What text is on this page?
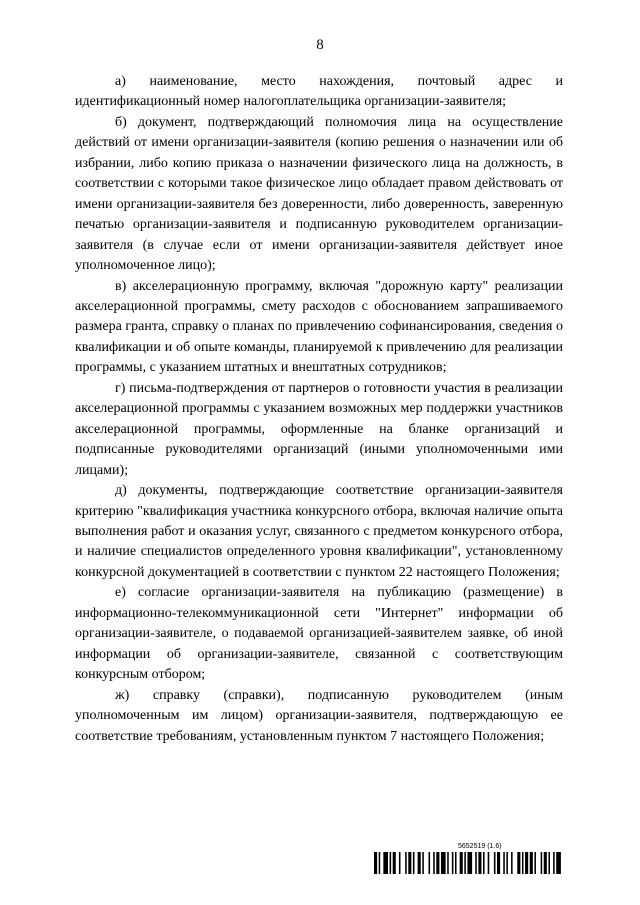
8

а) наименование, место нахождения, почтовый адрес и идентификационный номер налогоплательщика организации-заявителя;

б) документ, подтверждающий полномочия лица на осуществление действий от имени организации-заявителя (копию решения о назначении или об избрании, либо копию приказа о назначении физического лица на должность, в соответствии с которыми такое физическое лицо обладает правом действовать от имени организации-заявителя без доверенности, либо доверенность, заверенную печатью организации-заявителя и подписанную руководителем организации-заявителя (в случае если от имени организации-заявителя действует иное уполномоченное лицо);

в) акселерационную программу, включая "дорожную карту" реализации акселерационной программы, смету расходов с обоснованием запрашиваемого размера гранта, справку о планах по привлечению софинансирования, сведения о квалификации и об опыте команды, планируемой к привлечению для реализации программы, с указанием штатных и внештатных сотрудников;

г) письма-подтверждения от партнеров о готовности участия в реализации акселерационной программы с указанием возможных мер поддержки участников акселерационной программы, оформленные на бланке организаций и подписанные руководителями организаций (иными уполномоченными ими лицами);

д) документы, подтверждающие соответствие организации-заявителя критерию "квалификация участника конкурсного отбора, включая наличие опыта выполнения работ и оказания услуг, связанного с предметом конкурсного отбора, и наличие специалистов определенного уровня квалификации", установленному конкурсной документацией в соответствии с пунктом 22 настоящего Положения;

е) согласие организации-заявителя на публикацию (размещение) в информационно-телекоммуникационной сети "Интернет" информации об организации-заявителе, о подаваемой организацией-заявителем заявке, об иной информации об организации-заявителе, связанной с соответствующим конкурсным отбором;

ж) справку (справки), подписанную руководителем (иным уполномоченным им лицом) организации-заявителя, подтверждающую ее соответствие требованиям, установленным пунктом 7 настоящего Положения;

5652519 (1.6)
